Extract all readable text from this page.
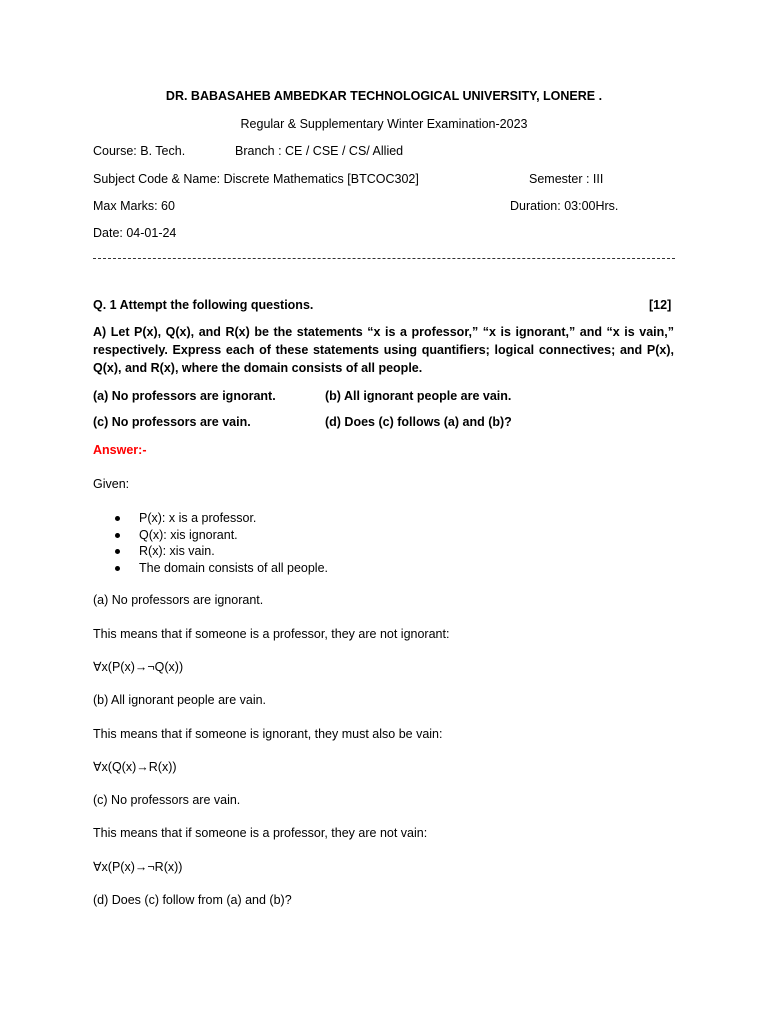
DR. BABASAHEB AMBEDKAR TECHNOLOGICAL UNIVERSITY, LONERE .
Regular & Supplementary Winter Examination-2023
Course: B. Tech.	Branch : CE / CSE / CS/ Allied
Subject Code & Name: Discrete Mathematics [BTCOC302]	Semester : III
Max Marks: 60	Duration: 03:00Hrs.
Date: 04-01-24
Q. 1 Attempt the following questions.	[12]
A) Let P(x), Q(x), and R(x) be the statements “x is a professor,” “x is ignorant,” and “x is vain,” respectively. Express each of these statements using quantifiers; logical connectives; and P(x), Q(x), and R(x), where the domain consists of all people.
(a) No professors are ignorant.	(b) All ignorant people are vain.
(c) No professors are vain.	(d) Does (c) follows (a) and (b)?
Answer:-
Given:
P(x): x is a professor.
Q(x): xis ignorant.
R(x): xis vain.
The domain consists of all people.
(a) No professors are ignorant.
This means that if someone is a professor, they are not ignorant:
∀x(P(x)→¬Q(x))
(b) All ignorant people are vain.
This means that if someone is ignorant, they must also be vain:
∀x(Q(x)→R(x))
(c) No professors are vain.
This means that if someone is a professor, they are not vain:
∀x(P(x)→¬R(x))
(d) Does (c) follow from (a) and (b)?
